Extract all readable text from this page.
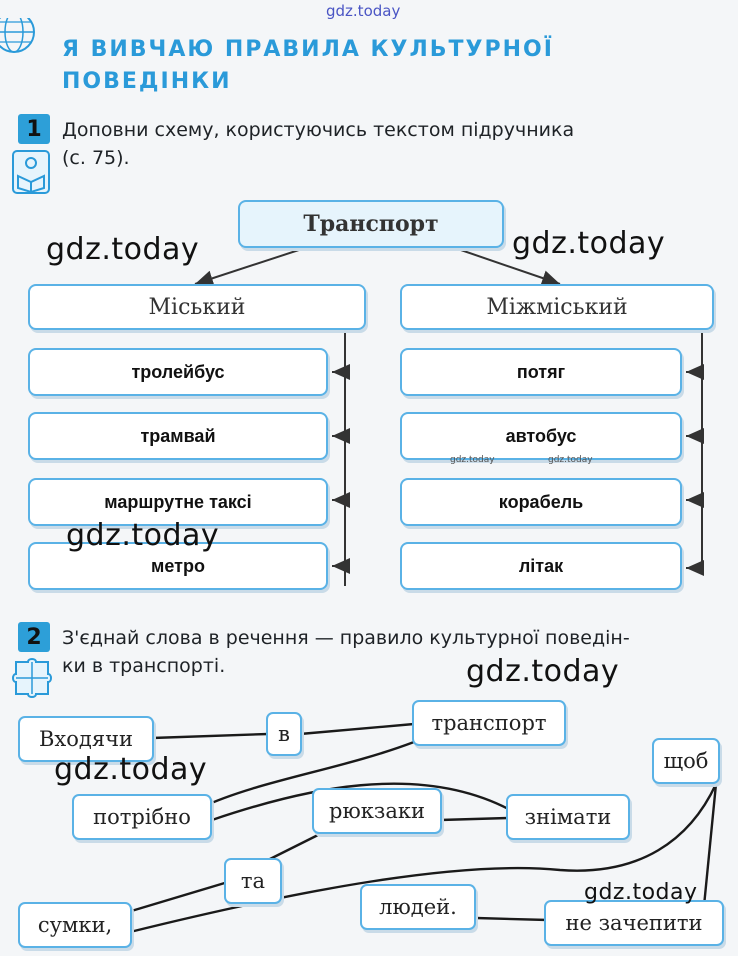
gdz.today
Я ВИВЧАЮ ПРАВИЛА КУЛЬТУРНОЇ
ПОВЕДІНКИ
1	Доповни схему, користуючись текстом підручника
(с. 75).
Транспорт
Міський	Міжміський
тролейбус
трамвай
маршрутне таксі
метро
потяг
автобус
корабель
літак
2	З'єднай слова в речення — правило культурної поведін-
ки в транспорті.
Входячи	в	транспорт
щоб
потрібно	рюкзаки	знімати
та
сумки,
людей.
не зачепити
gdz.today	gdz.today
gdz.today
gdz.today
gdz.today
gdz.today
gdz.today	gdz.today
